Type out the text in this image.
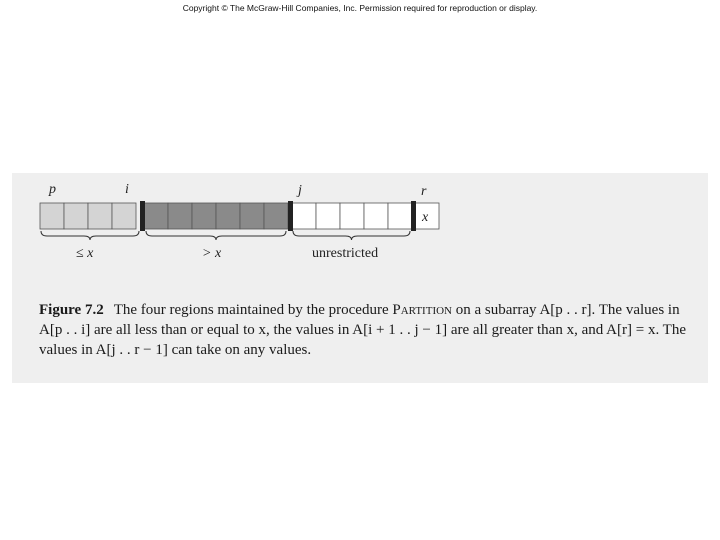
Copyright © The McGraw-Hill Companies, Inc. Permission required for reproduction or display.
p	i	j	r
x
≤ x	> x	unrestricted
Figure 7.2 The four regions maintained by the procedure Partition on a subarray A[p . . r]. The values in A[p . . i] are all less than or equal to x, the values in A[i + 1 . . j − 1] are all greater than x, and A[r] = x. The values in A[j . . r − 1] can take on any values.
